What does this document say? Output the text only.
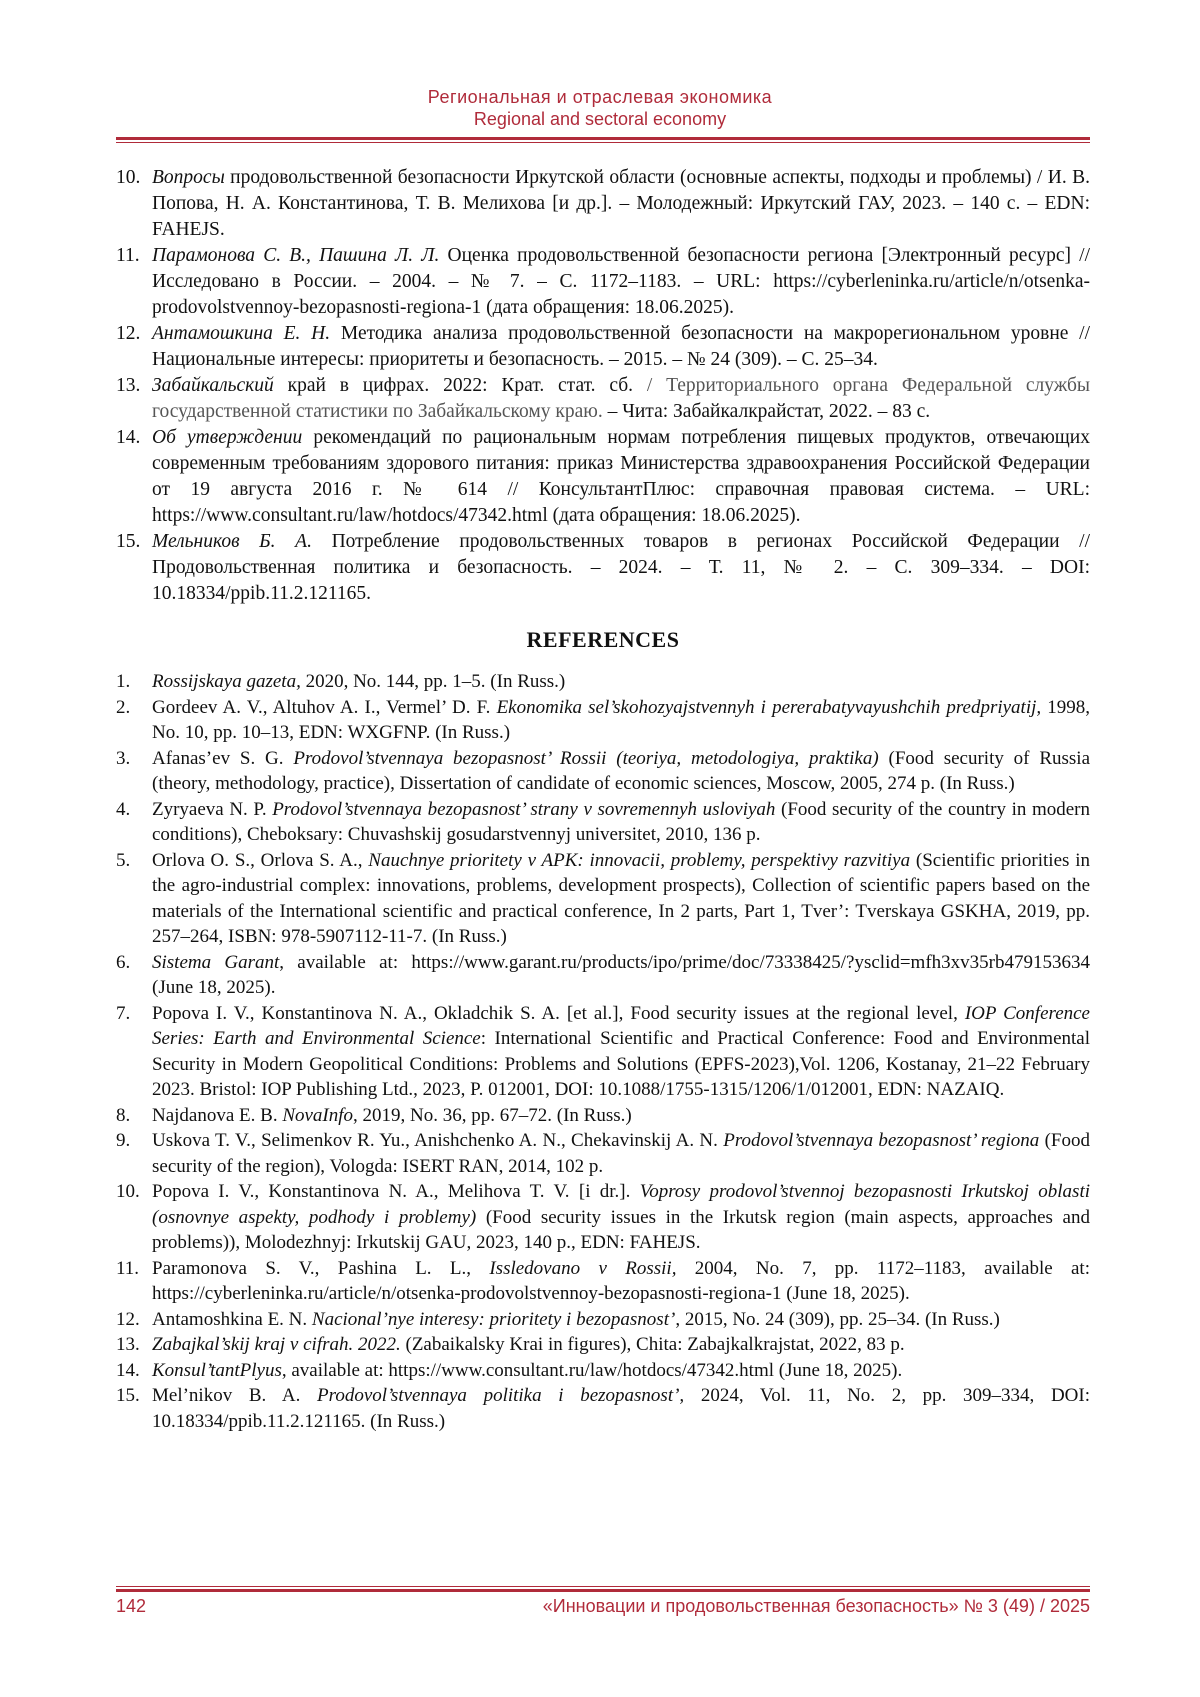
Региональная и отраслевая экономика
Regional and sectoral economy
10. Вопросы продовольственной безопасности Иркутской области (основные аспекты, подходы и проблемы) / И. В. Попова, Н. А. Константинова, Т. В. Мелихова [и др.]. – Молодежный: Иркутский ГАУ, 2023. – 140 с. – EDN: FAHEJS.
11. Парамонова С. В., Пашина Л. Л. Оценка продовольственной безопасности региона [Электронный ресурс] // Исследовано в России. – 2004. – № 7. – С. 1172–1183. – URL: https://cyberleninka.ru/article/n/otsenka-prodovolstvennoy-bezopasnosti-regiona-1 (дата обращения: 18.06.2025).
12. Антамошкина Е. Н. Методика анализа продовольственной безопасности на макрорегиональном уровне // Национальные интересы: приоритеты и безопасность. – 2015. – № 24 (309). – С. 25–34.
13. Забайкальский край в цифрах. 2022: Крат. стат. сб. / Территориального органа Федеральной службы государственной статистики по Забайкальскому краю. – Чита: Забайкалкрайстат, 2022. – 83 с.
14. Об утверждении рекомендаций по рациональным нормам потребления пищевых продуктов, отвечающих современным требованиям здорового питания: приказ Министерства здравоохранения Российской Федерации от 19 августа 2016 г. № 614 // КонсультантПлюс: справочная правовая система. – URL: https://www.consultant.ru/law/hotdocs/47342.html (дата обращения: 18.06.2025).
15. Мельников Б. А. Потребление продовольственных товаров в регионах Российской Федерации // Продовольственная политика и безопасность. – 2024. – Т. 11, № 2. – С. 309–334. – DOI: 10.18334/ppib.11.2.121165.
REFERENCES
1.	Rossijskaya gazeta, 2020, No. 144, pp. 1–5. (In Russ.)
2.	Gordeev A. V., Altuhov A. I., Vermel’ D. F. Ekonomika sel’skohozyajstvennyh i pererabatyvayushchih predpriyatij, 1998, No. 10, pp. 10–13, EDN: WXGFNP. (In Russ.)
3.	Afanas’ev S. G. Prodovol’stvennaya bezopasnost’ Rossii (teoriya, metodologiya, praktika) (Food security of Russia (theory, methodology, practice), Dissertation of candidate of economic sciences, Moscow, 2005, 274 p. (In Russ.)
4.	Zyryaeva N. P. Prodovol’stvennaya bezopasnost’ strany v sovremennyh usloviyah (Food security of the country in modern conditions), Cheboksary: Chuvashskij gosudarstvennyj universitet, 2010, 136 p.
5.	Orlova O. S., Orlova S. A., Nauchnye prioritety v APK: innovacii, problemy, perspektivy razvitiya (Scientific priorities in the agro-industrial complex: innovations, problems, development prospects), Collection of scientific papers based on the materials of the International scientific and practical conference, In 2 parts, Part 1, Tver’: Tverskaya GSKHA, 2019, pp. 257–264, ISBN: 978-5907112-11-7. (In Russ.)
6.	Sistema Garant, available at: https://www.garant.ru/products/ipo/prime/doc/73338425/?ysclid=mfh3xv35rb479153634 (June 18, 2025).
7.	Popova I. V., Konstantinova N. A., Okladchik S. A. [et al.], Food security issues at the regional level, IOP Conference Series: Earth and Environmental Science: International Scientific and Practical Conference: Food and Environmental Security in Modern Geopolitical Conditions: Problems and Solutions (EPFS-2023),Vol. 1206, Kostanay, 21–22 February 2023. Bristol: IOP Publishing Ltd., 2023, P. 012001, DOI: 10.1088/1755-1315/1206/1/012001, EDN: NAZAIQ.
8.	Najdanova E. B. NovaInfo, 2019, No. 36, pp. 67–72. (In Russ.)
9.	Uskova T. V., Selimenkov R. Yu., Anishchenko A. N., Chekavinskij A. N. Prodovol’stvennaya bezopasnost’ regiona (Food security of the region), Vologda: ISERT RAN, 2014, 102 p.
10. Popova I. V., Konstantinova N. A., Melihova T. V. [i dr.]. Voprosy prodovol’stvennoj bezopasnosti Irkutskoj oblasti (osnovnye aspekty, podhody i problemy) (Food security issues in the Irkutsk region (main aspects, approaches and problems)), Molodezhnyj: Irkutskij GAU, 2023, 140 p., EDN: FAHEJS.
11. Paramonova S. V., Pashina L. L., Issledovano v Rossii, 2004, No. 7, pp. 1172–1183, available at: https://cyberleninka.ru/article/n/otsenka-prodovolstvennoy-bezopasnosti-regiona-1 (June 18, 2025).
12. Antamoshkina E. N. Nacional’nye interesy: prioritety i bezopasnost’, 2015, No. 24 (309), pp. 25–34. (In Russ.)
13. Zabajkal’skij kraj v cifrah. 2022. (Zabaikalsky Krai in figures), Chita: Zabajkalkrajstat, 2022, 83 p.
14. Konsul’tantPlyus, available at: https://www.consultant.ru/law/hotdocs/47342.html (June 18, 2025).
15. Mel’nikov B. A. Prodovol’stvennaya politika i bezopasnost’, 2024, Vol. 11, No. 2, pp. 309–334, DOI: 10.18334/ppib.11.2.121165. (In Russ.)
142	«Инновации и продовольственная безопасность» № 3 (49) / 2025
